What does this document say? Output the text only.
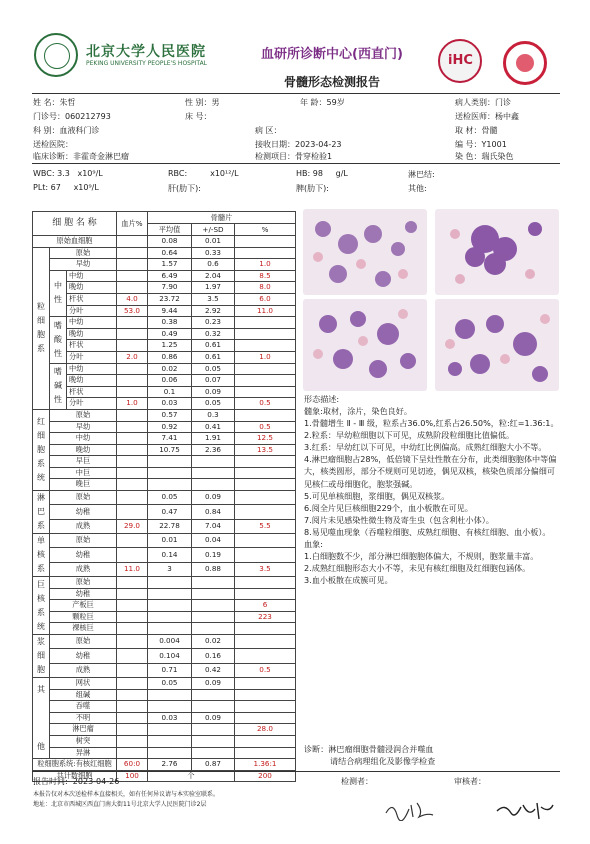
北京大学人民医院
PEKING UNIVERSITY PEOPLE'S HOSPITAL
血研所诊断中心(西直门)
骨髓形态检测报告
iHC
姓 名：朱哲	性 别：男	年 龄：59岁	病人类别：门诊
门诊号：060212793	床 号：	送检医师：杨中鑫
科 别：血液科门诊	病 区：	取 材：骨髓
送检医院：	接收日期：2023-04-23	编 号：Y1001
临床诊断：非霍奇金淋巴瘤	检测项目：骨穿检验1	染 色：瑞氏染色
WBC: 3.3 x10⁹/L	RBC:	x10¹²/L	HB: 98 g/L	淋巴结:
PLt: 67 x10⁹/L	肝(肋下):	脾(肋下):	其他:
细 胞 名 称			血片%	骨髓片		
				平均值	+/-SD	%
原始血细胞				0.08	0.01	
粒细胞系	原始			0.64	0.33	
	早幼			1.57	0.6	1.0
	中性	中幼		6.49	2.04	8.5
		晚幼		7.90	1.97	8.0
		杆状	4.0	23.72	3.5	6.0
		分叶	53.0	9.44	2.92	11.0
	嗜酸性	中幼		0.38	0.23	
		晚幼		0.49	0.32	
		杆状		1.25	0.61	
		分叶	2.0	0.86	0.61	1.0
	嗜碱性	中幼		0.02	0.05	
		晚幼		0.06	0.07	
		杆状		0.1	0.09	
		分叶	1.0	0.03	0.05	0.5
红细胞系统	原始			0.57	0.3	
	早幼			0.92	0.41	0.5
	中幼			7.41	1.91	12.5
	晚幼			10.75	2.36	13.5
	早巨					
	中巨					
	晚巨					
淋巴系	原始			0.05	0.09	
	幼稚			0.47	0.84	
	成熟		29.0	22.78	7.04	5.5
单核系	原始			0.01	0.04	
	幼稚			0.14	0.19	
	成熟		11.0	3	0.88	3.5
巨核系统	原始					
	幼稚					
	产板巨					6
	颗粒巨					223
	裸核巨					
浆细胞	原始			0.004	0.02	
	幼稚			0.104	0.16	
	成熟			0.71	0.42	0.5

其
他	网状			0.05	0.09	
	组碱					
	吞噬					
	不明			0.03	0.09	
	淋巴瘤					28.0
	树突					
	异淋					
粒细胞系统:有核红细胞			60:0	2.76	0.87	1.36:1
共计数细胞			100	个		200
形态描述:
髓象:取材，涂片，染色良好。
1.骨髓增生 Ⅱ - Ⅲ 级，粒系占36.0%,红系占26.50%，粒:红=1.36:1。
2.粒系：早幼粒细胞以下可见，成熟阶段粒细胞比值偏低。
3.红系：早幼红以下可见，中幼红比例偏高。成熟红细胞大小不等。
4.淋巴瘤细胞占28%，低倍镜下呈灶性散在分布，此类细胞胞体中等偏大，核类圆形，部分不规则可见切迹，偶见双核，核染色质部分偏细可见核仁或母细胞化，胞浆强碱。
5.可见单核细胞，浆细胞，偶见双核浆。
6.阅全片见巨核细胞229个，血小板散在可见。
7.阅片未见感染性微生物及寄生虫（包含利杜小体）。
8.易见噬血现象（吞噬粒细胞、成熟红细胞、有核红细胞、血小板）。
血象:
1.白细胞数不少，部分淋巴细胞胞体偏大，不规则，胞浆量丰富。
2.成熟红细胞形态大小不等，未见有核红细胞及红细胞包涵体。
3.血小板散在成簇可见。
诊断：淋巴瘤细胞骨髓浸润合并噬血
请结合病理组化及影像学检查
报告时间: 2023-04-26
本报告仅对本次送检样本直接相关，如有任何异议请与本实验室联系。
地址：北京市西城区西直门南大街11号北京大学人民医院门诊2层
检测者：	审核者：
